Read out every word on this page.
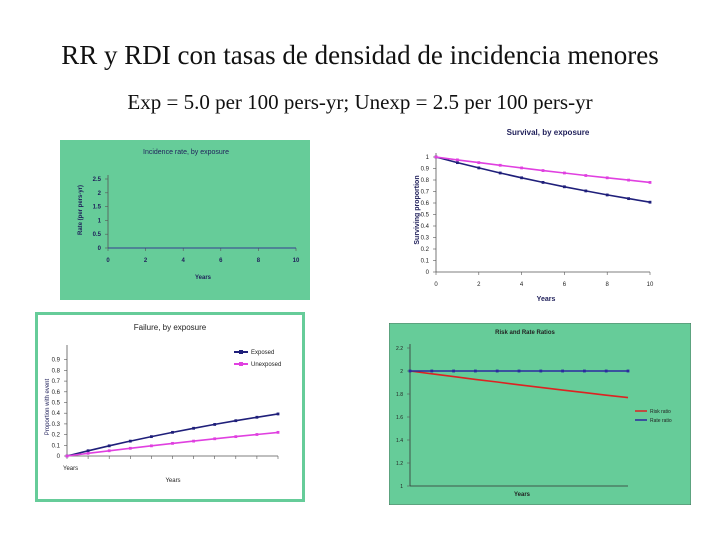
RR y RDI con tasas de densidad de incidencia menores
Exp = 5.0 per 100 pers-yr; Unexp = 2.5 per 100 pers-yr
Incidence rate, by exposure
Rate (per pers-yr)
Years
0
0.5
1
1.5
2
2.5
0	2	4	6	8	10
Survival, by exposure
Surviving proportion
Years
0
0.1
0.2
0.3
0.4
0.5
0.6
0.7
0.8
0.9
1
0	2	4	6	8	10
Failure, by exposure
Proportion with event
Years
Years
0
0.1
0.2
0.3
0.4
0.5
0.6
0.7
0.8
0.9
Exposed
Unexposed
Risk and Rate Ratios
Years
1
1.2
1.4
1.6
1.8
2
2.2
Risk ratio
Rate ratio
